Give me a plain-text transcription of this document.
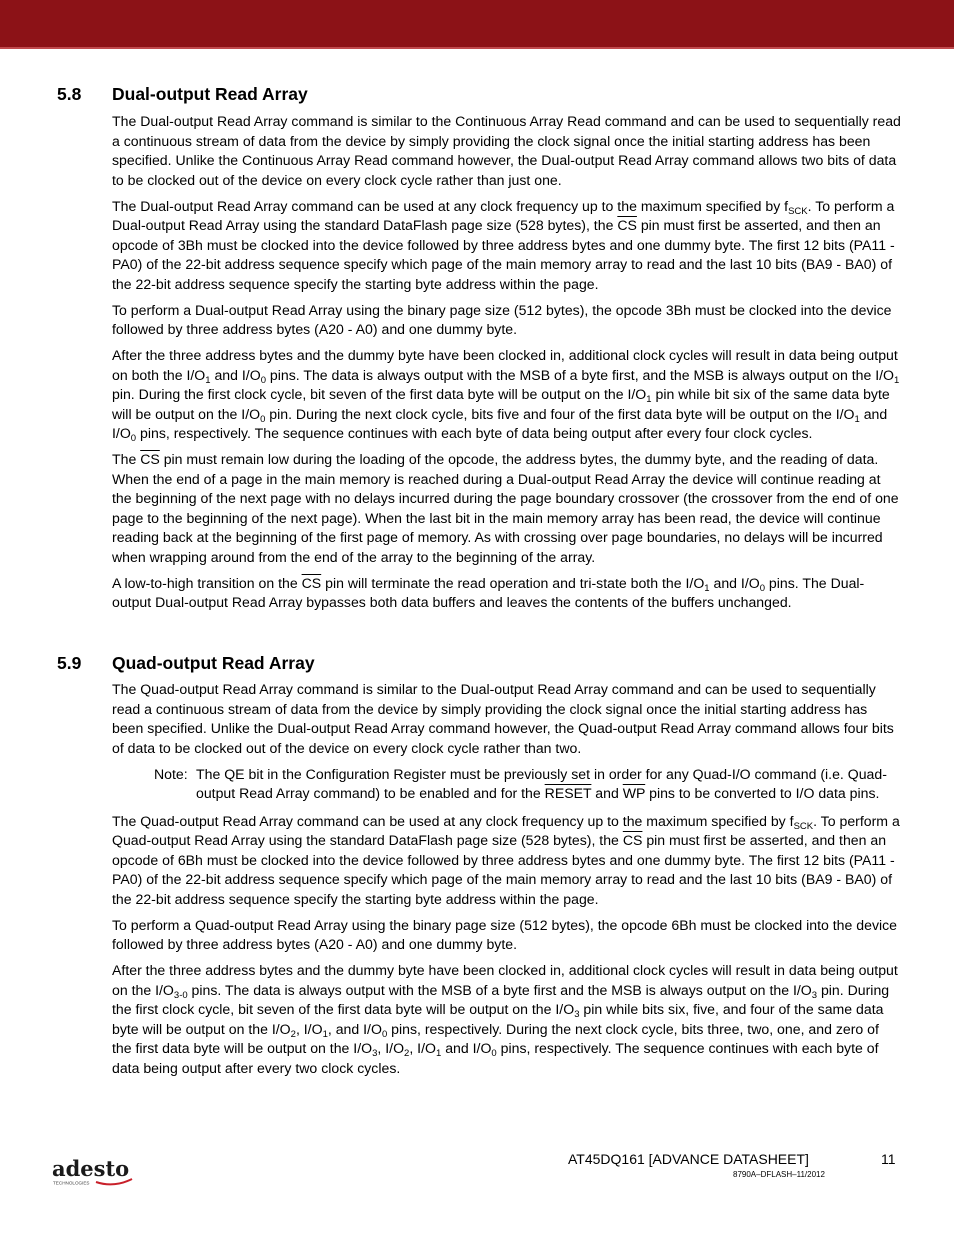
5.8 Dual-output Read Array

The Dual-output Read Array command is similar to the Continuous Array Read command and can be used to sequentially read a continuous stream of data from the device by simply providing the clock signal once the initial starting address has been specified. Unlike the Continuous Array Read command however, the Dual-output Read Array command allows two bits of data to be clocked out of the device on every clock cycle rather than just one.

The Dual-output Read Array command can be used at any clock frequency up to the maximum specified by $f_{SCK}$. To perform a Dual-output Read Array using the standard DataFlash page size (528 bytes), the $\overline{CS}$ pin must first be asserted, and then an opcode of 3Bh must be clocked into the device followed by three address bytes and one dummy byte. The first 12 bits (PA11 - PA0) of the 22-bit address sequence specify which page of the main memory array to read and the last 10 bits (BA9 - BA0) of the 22-bit address sequence specify the starting byte address within the page.

To perform a Dual-output Read Array using the binary page size (512 bytes), the opcode 3Bh must be clocked into the device followed by three address bytes (A20 - A0) and one dummy byte.

After the three address bytes and the dummy byte have been clocked in, additional clock cycles will result in data being output on both the $I/O_1$ and $I/O_0$ pins. The data is always output with the MSB of a byte first, and the MSB is always output on the $I/O_1$ pin. During the first clock cycle, bit seven of the first data byte will be output on the $I/O_1$ pin while bit six of the same data byte will be output on the $I/O_0$ pin. During the next clock cycle, bits five and four of the first data byte will be output on the $I/O_1$ and $I/O_0$ pins, respectively. The sequence continues with each byte of data being output after every four clock cycles.

The $\overline{CS}$ pin must remain low during the loading of the opcode, the address bytes, the dummy byte, and the reading of data. When the end of a page in the main memory is reached during a Dual-output Read Array the device will continue reading at the beginning of the next page with no delays incurred during the page boundary crossover (the crossover from the end of one page to the beginning of the next page). When the last bit in the main memory array has been read, the device will continue reading back at the beginning of the first page of memory. As with crossing over page boundaries, no delays will be incurred when wrapping around from the end of the array to the beginning of the array.

A low-to-high transition on the $\overline{CS}$ pin will terminate the read operation and tri-state both the $I/O_1$ and $I/O_0$ pins. The Dual-output Dual-output Read Array bypasses both data buffers and leaves the contents of the buffers unchanged.

5.9 Quad-output Read Array

The Quad-output Read Array command is similar to the Dual-output Read Array command and can be used to sequentially read a continuous stream of data from the device by simply providing the clock signal once the initial starting address has been specified. Unlike the Dual-output Read Array command however, the Quad-output Read Array command allows four bits of data to be clocked out of the device on every clock cycle rather than two.

Note: The QE bit in the Configuration Register must be previously set in order for any Quad-I/O command (i.e. Quad-output Read Array command) to be enabled and for the RESET and $\overline{WP}$ pins to be converted to I/O data pins.

The Quad-output Read Array command can be used at any clock frequency up to the maximum specified by $f_{SCK}$. To perform a Quad-output Read Array using the standard DataFlash page size (528 bytes), the $\overline{CS}$ pin must first be asserted, and then an opcode of 6Bh must be clocked into the device followed by three address bytes and one dummy byte. The first 12 bits (PA11 - PA0) of the 22-bit address sequence specify which page of the main memory array to read and the last 10 bits (BA9 - BA0) of the 22-bit address sequence specify the starting byte address within the page.

To perform a Quad-output Read Array using the binary page size (512 bytes), the opcode 6Bh must be clocked into the device followed by three address bytes (A20 - A0) and one dummy byte.

After the three address bytes and the dummy byte have been clocked in, additional clock cycles will result in data being output on the $I/O_{3-0}$ pins. The data is always output with the MSB of a byte first and the MSB is always output on the $I/O_3$ pin. During the first clock cycle, bit seven of the first data byte will be output on the $I/O_3$ pin while bits six, five, and four of the same data byte will be output on the $I/O_2$, $I/O_1$, and $I/O_0$ pins, respectively. During the next clock cycle, bits three, two, one, and zero of the first data byte will be output on the $I/O_3$, $I/O_2$, $I/O_1$ and $I/O_0$ pins, respectively. The sequence continues with each byte of data being output after every two clock cycles.

adesto
TECHNOLOGIES
AT45DQ161 [ADVANCE DATASHEET]	11
8790A–DFLASH–11/2012
